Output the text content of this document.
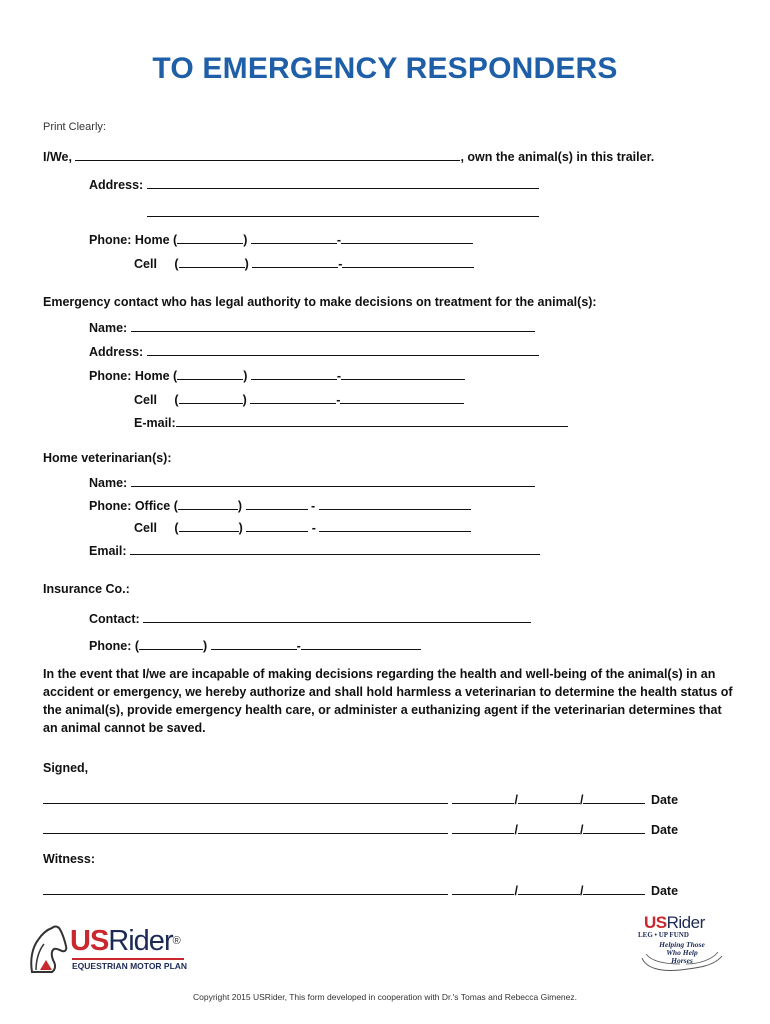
TO EMERGENCY RESPONDERS
Print Clearly:
I/We,	, own the animal(s) in this trailer.
Address:
Phone: Home (	)	-
Cell (	)	-
Emergency contact who has legal authority to make decisions on treatment for the animal(s):
Name:
Address:
Phone: Home (	)	-
Cell (	)	-
E-mail:
Home veterinarian(s):
Name:
Phone: Office (	)	-
Cell (	)	-
Email:
Insurance Co.:
Contact:
Phone: (	)	-
In the event that I/we are incapable of making decisions regarding the health and well-being of the animal(s) in an accident or emergency, we hereby authorize and shall hold harmless a veterinarian to determine the health status of the animal(s), provide emergency health care, or administer a euthanizing agent if the veterinarian determines that an animal cannot be saved.
Signed,
/	/	Date
/	/	Date
Witness:
/	/	Date
USRider®
EQUESTRIAN MOTOR PLAN
USRider
LEG • UP FUND
Helping Those
Who Help
Horses
Copyright 2015 USRider, This form developed in cooperation with Dr.'s Tomas and Rebecca Gimenez.
